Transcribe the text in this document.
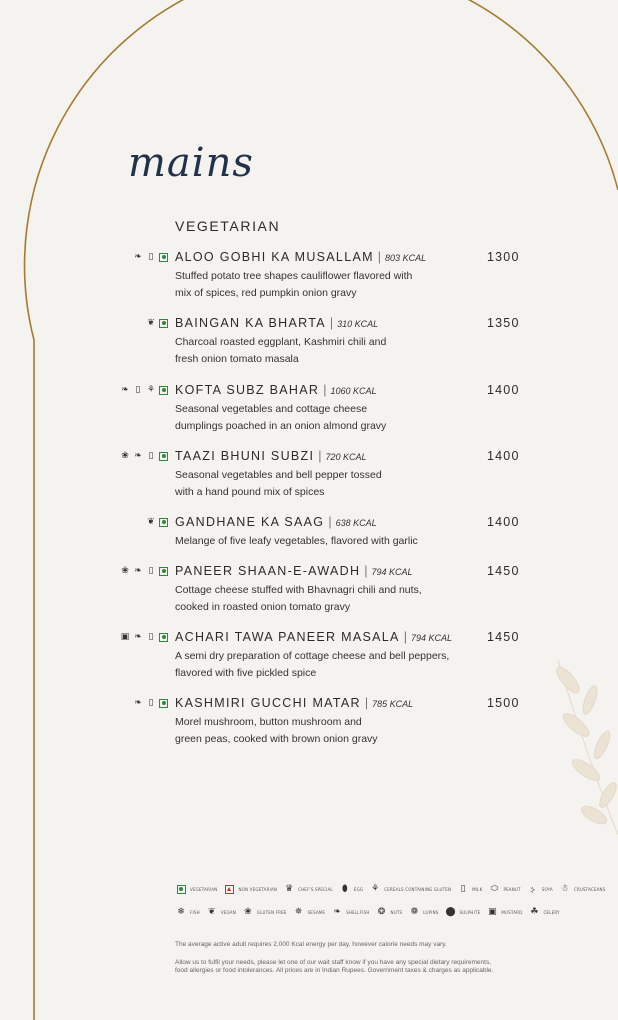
mains
VEGETARIAN
❧ ▯ ALOO GOBHI KA MUSALLAM | 803 KCAL	1300
Stuffed potato tree shapes cauliflower flavored with
mix of spices, red pumpkin onion gravy
❦ BAINGAN KA BHARTA | 310 KCAL	1350
Charcoal roasted eggplant, Kashmiri chili and
fresh onion tomato masala
❧ ▯ ⚘ KOFTA SUBZ BAHAR | 1060 KCAL	1400
Seasonal vegetables and cottage cheese
dumplings poached in an onion almond gravy
❀ ❧ ▯ TAAZI BHUNI SUBZI | 720 KCAL	1400
Seasonal vegetables and bell pepper tossed
with a hand pound mix of spices
❦ GANDHANE KA SAAG | 638 KCAL	1400
Melange of five leafy vegetables, flavored with garlic
❀ ❧ ▯ PANEER SHAAN-E-AWADH | 794 KCAL	1450
Cottage cheese stuffed with Bhavnagri chili and nuts,
cooked in roasted onion tomato gravy
▣ ❧ ▯ ACHARI TAWA PANEER MASALA | 794 KCAL	1450
A semi dry preparation of cottage cheese and bell peppers,
flavored with five pickled spice
❧ ▯ KASHMIRI GUCCHI MATAR | 785 KCAL	1500
Morel mushroom, button mushroom and
green peas, cooked with brown onion gravy
VEGETARIAN	NON VEGETARIAN ♛ CHEF'S SPECIAL ⬮	EGG ⚘ CEREALS CONTAINING GLUTEN ▯	MILK ⬭ PEANUT ⸖	SOYA ☃ CRUSTACEANS
❄	FISH ❦	VEGAN ❀	GLUTEN FREE ✵	SESAME ❧	SHELLFISH ❂	NUTS ❁	LUPINS ⬤ SULPHITE ▣ MUSTARD ☘ CELERY
The average active adult requires 2,000 Kcal energy per day, however calorie needs may vary.
Allow us to fulfil your needs, please let one of our wait staff know if you have any special dietary requirements,
food allergies or food intolerances. All prices are in Indian Rupees. Government taxes & charges as applicable.
